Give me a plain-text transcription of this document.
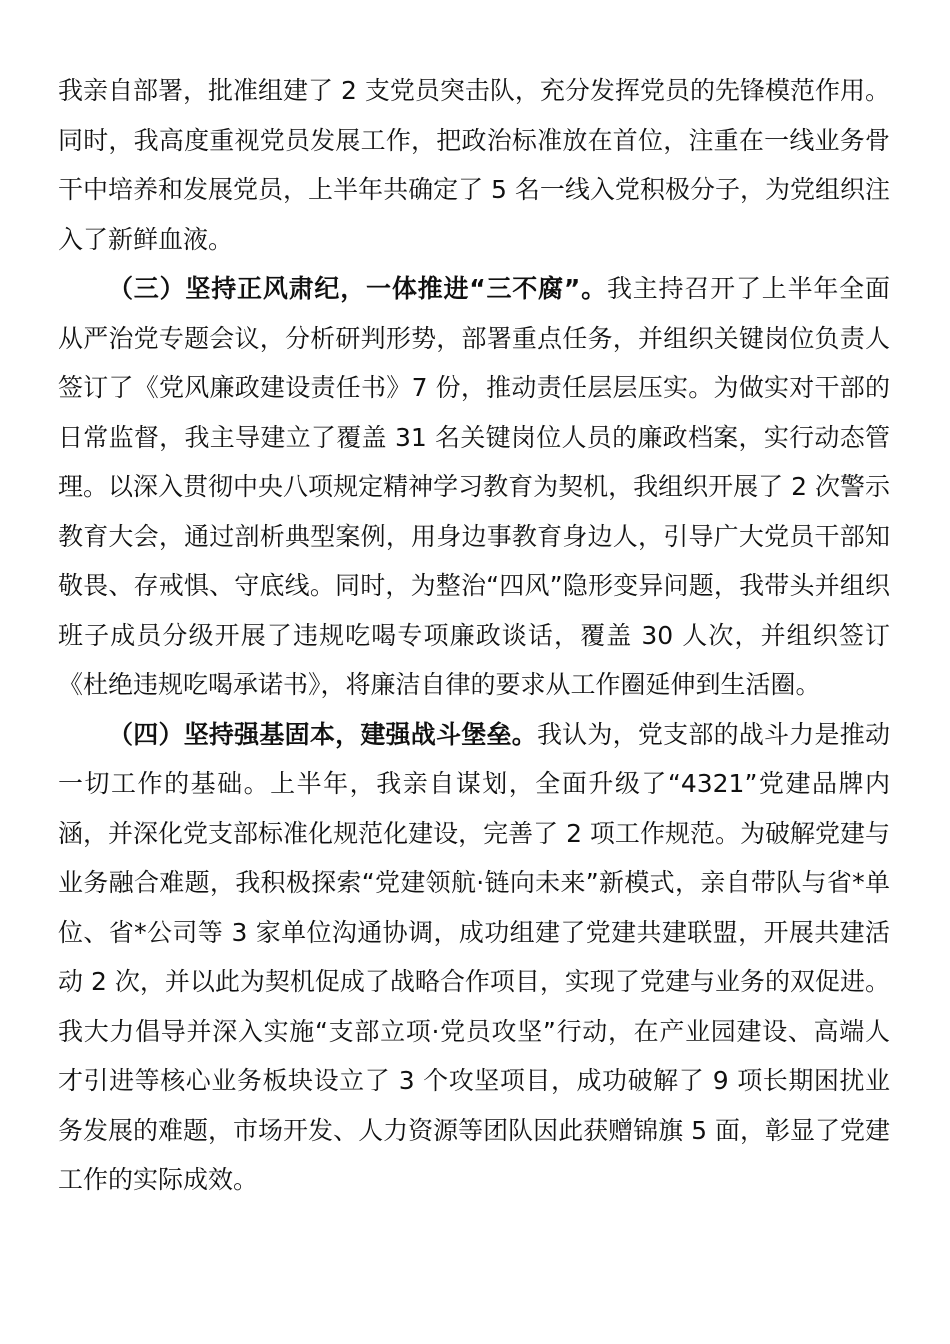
我亲自部署，批准组建了 2 支党员突击队，充分发挥党员的先锋模范作用。同时，我高度重视党员发展工作，把政治标准放在首位，注重在一线业务骨干中培养和发展党员，上半年共确定了 5 名一线入党积极分子，为党组织注入了新鲜血液。

（三）坚持正风肃纪，一体推进“三不腐”。我主持召开了上半年全面从严治党专题会议，分析研判形势，部署重点任务，并组织关键岗位负责人签订了《党风廉政建设责任书》7 份，推动责任层层压实。为做实对干部的日常监督，我主导建立了覆盖 31 名关键岗位人员的廉政档案，实行动态管理。以深入贯彻中央八项规定精神学习教育为契机，我组织开展了 2 次警示教育大会，通过剖析典型案例，用身边事教育身边人，引导广大党员干部知敬畏、存戒惧、守底线。同时，为整治“四风”隐形变异问题，我带头并组织班子成员分级开展了违规吃喝专项廉政谈话，覆盖 30 人次，并组织签订《杜绝违规吃喝承诺书》，将廉洁自律的要求从工作圈延伸到生活圈。

（四）坚持强基固本，建强战斗堡垒。我认为，党支部的战斗力是推动一切工作的基础。上半年，我亲自谋划，全面升级了“4321”党建品牌内涵，并深化党支部标准化规范化建设，完善了 2 项工作规范。为破解党建与业务融合难题，我积极探索“党建领航·链向未来”新模式，亲自带队与省*单位、省*公司等 3 家单位沟通协调，成功组建了党建共建联盟，开展共建活动 2 次，并以此为契机促成了战略合作项目，实现了党建与业务的双促进。我大力倡导并深入实施“支部立项·党员攻坚”行动，在产业园建设、高端人才引进等核心业务板块设立了 3 个攻坚项目，成功破解了 9 项长期困扰业务发展的难题，市场开发、人力资源等团队因此获赠锦旗 5 面，彰显了党建工作的实际成效。
